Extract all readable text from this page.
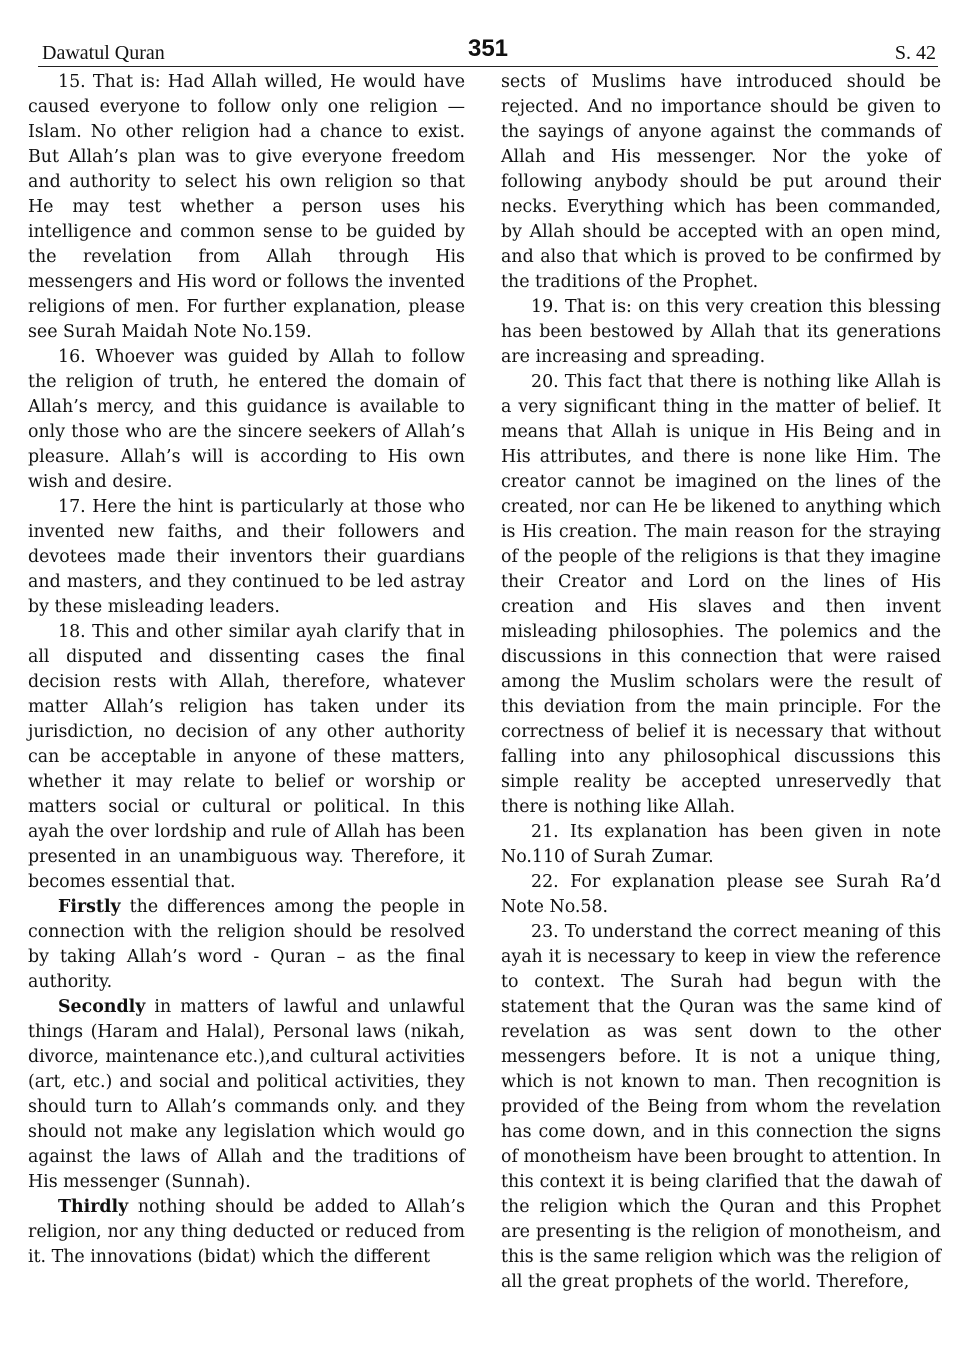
Dawatul Quran	351	S. 42

15. That is: Had Allah willed, He would have caused everyone to follow only one religion — Islam. No other religion had a chance to exist. But Allah’s plan was to give everyone freedom and authority to select his own religion so that He may test whether a person uses his intelligence and common sense to be guided by the revelation from Allah through His messengers and His word or follows the invented religions of men. For further explanation, please see Surah Maidah Note No.159.

16. Whoever was guided by Allah to follow the religion of truth, he entered the domain of Allah’s mercy, and this guidance is available to only those who are the sincere seekers of Allah’s pleasure. Allah’s will is according to His own wish and desire.

17. Here the hint is particularly at those who invented new faiths, and their followers and devotees made their inventors their guardians and masters, and they continued to be led astray by these misleading leaders.

18. This and other similar ayah clarify that in all disputed and dissenting cases the final decision rests with Allah, therefore, whatever matter Allah’s religion has taken under its jurisdiction, no decision of any other authority can be acceptable in anyone of these matters, whether it may relate to belief or worship or matters social or cultural or political. In this ayah the over lordship and rule of Allah has been presented in an unambiguous way. Therefore, it becomes essential that.

Firstly the differences among the people in connection with the religion should be resolved by taking Allah’s word - Quran – as the final authority.

Secondly in matters of lawful and unlawful things (Haram and Halal), Personal laws (nikah, divorce, maintenance etc.),and cultural activities (art, etc.) and social and political activities, they should turn to Allah’s commands only. and they should not make any legislation which would go against the laws of Allah and the traditions of His messenger (Sunnah).

Thirdly nothing should be added to Allah’s religion, nor any thing deducted or reduced from it. The innovations (bidat) which the different

sects of Muslims have introduced should be rejected. And no importance should be given to the sayings of anyone against the commands of Allah and His messenger. Nor the yoke of following anybody should be put around their necks. Everything which has been commanded, by Allah should be accepted with an open mind, and also that which is proved to be confirmed by the traditions of the Prophet.

19. That is: on this very creation this blessing has been bestowed by Allah that its generations are increasing and spreading.

20. This fact that there is nothing like Allah is a very significant thing in the matter of belief. It means that Allah is unique in His Being and in His attributes, and there is none like Him. The creator cannot be imagined on the lines of the created, nor can He be likened to anything which is His creation. The main reason for the straying of the people of the religions is that they imagine their Creator and Lord on the lines of His creation and His slaves and then invent misleading philosophies. The polemics and the discussions in this connection that were raised among the Muslim scholars were the result of this deviation from the main principle. For the correctness of belief it is necessary that without falling into any philosophical discussions this simple reality be accepted unreservedly that there is nothing like Allah.

21. Its explanation has been given in note No.110 of Surah Zumar.

22. For explanation please see Surah Ra’d Note No.58.

23. To understand the correct meaning of this ayah it is necessary to keep in view the reference to context. The Surah had begun with the statement that the Quran was the same kind of revelation as was sent down to the other messengers before. It is not a unique thing, which is not known to man. Then recognition is provided of the Being from whom the revelation has come down, and in this connection the signs of monotheism have been brought to attention. In this context it is being clarified that the dawah of the religion which the Quran and this Prophet are presenting is the religion of monotheism, and this is the same religion which was the religion of all the great prophets of the world. Therefore,
